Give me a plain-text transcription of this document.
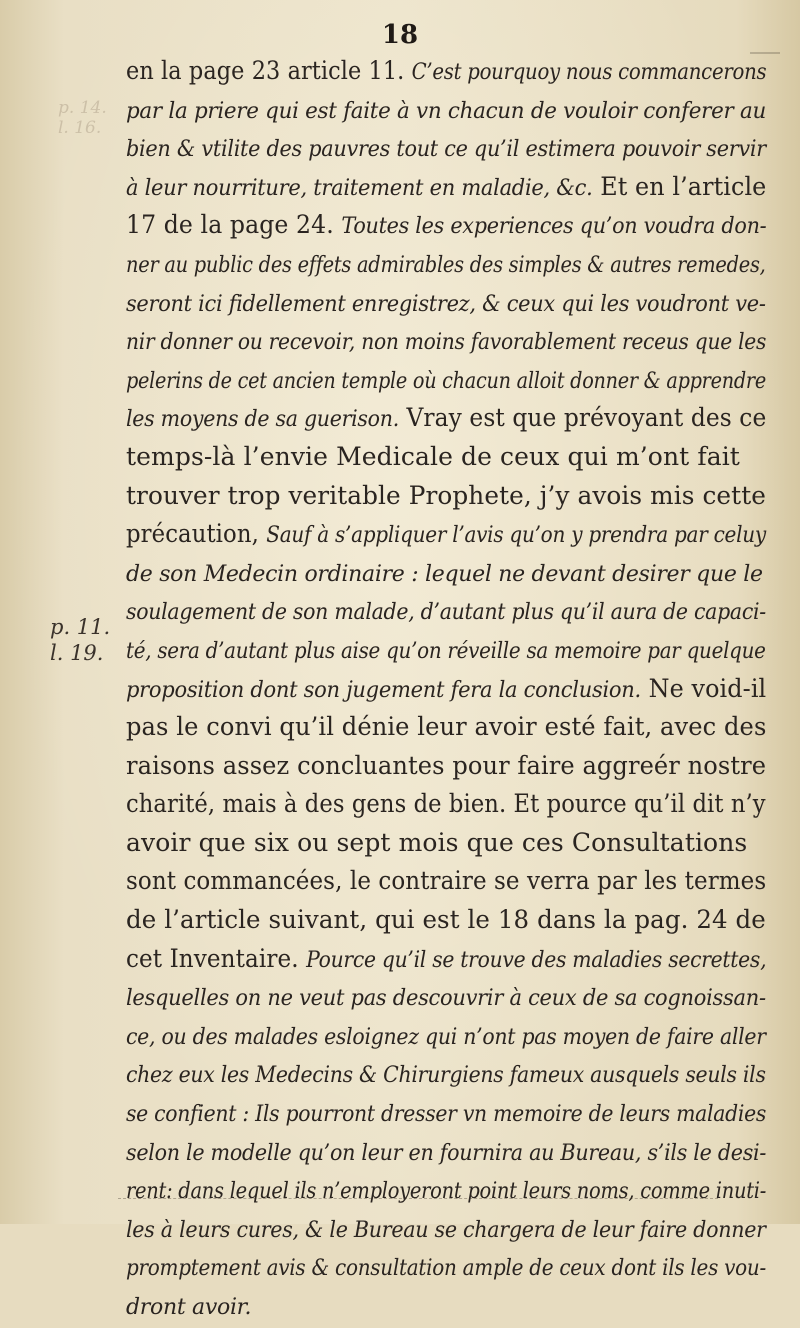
18
p. 14.
l. 16.
p. 11.
l. 19.
en la page 23 article 11. C’est pourquoy nous commancerons
par la priere qui est faite à vn chacun de vouloir conferer au
bien & vtilite des pauvres tout ce qu’il estimera pouvoir servir
à leur nourriture, traitement en maladie, &c. Et en l’article
17 de la page 24. Toutes les experiences qu’on voudra don-
ner au public des effets admirables des simples & autres remedes,
seront ici fidellement enregistrez, & ceux qui les voudront ve-
nir donner ou recevoir, non moins favorablement receus que les
pelerins de cet ancien temple où chacun alloit donner & apprendre
les moyens de sa guerison. Vray est que prévoyant des ce
temps-là l’envie Medicale de ceux qui m’ont fait
trouver trop veritable Prophete, j’y avois mis cette
précaution, Sauf à s’appliquer l’avis qu’on y prendra par celuy
de son Medecin ordinaire : lequel ne devant desirer que le
soulagement de son malade, d’autant plus qu’il aura de capaci-
té, sera d’autant plus aise qu’on réveille sa memoire par quelque
proposition dont son jugement fera la conclusion. Ne void-il
pas le convi qu’il dénie leur avoir esté fait, avec des
raisons assez concluantes pour faire aggreér nostre
charité, mais à des gens de bien. Et pource qu’il dit n’y
avoir que six ou sept mois que ces Consultations
sont commancées, le contraire se verra par les termes
de l’article suivant, qui est le 18 dans la pag. 24 de
cet Inventaire. Pource qu’il se trouve des maladies secrettes,
lesquelles on ne veut pas descouvrir à ceux de sa cognoissan-
ce, ou des malades esloignez qui n’ont pas moyen de faire aller
chez eux les Medecins & Chirurgiens fameux ausquels seuls ils
se confient : Ils pourront dresser vn memoire de leurs maladies
selon le modelle qu’on leur en fournira au Bureau, s’ils le desi-
rent: dans lequel ils n’employeront point leurs noms, comme inuti-
les à leurs cures, & le Bureau se chargera de leur faire donner
promptement avis & consultation ample de ceux dont ils les vou-
dront avoir.
